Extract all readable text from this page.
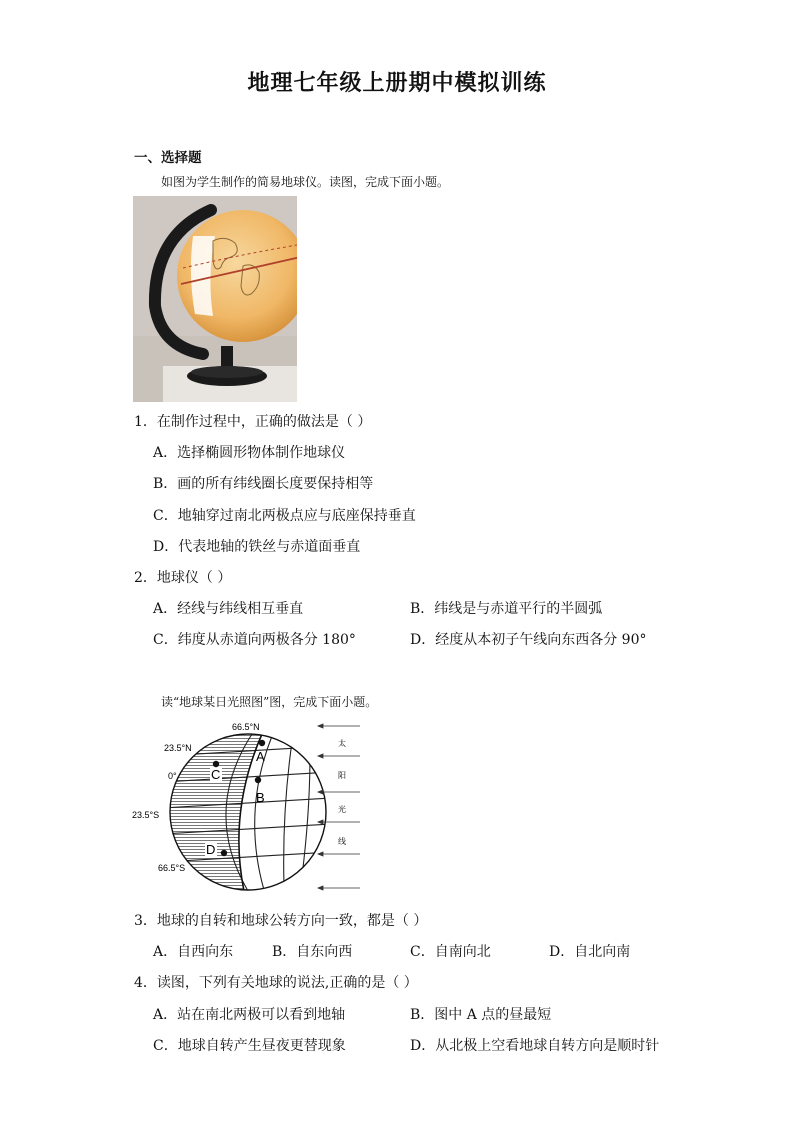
地理七年级上册期中模拟训练
一、选择题
如图为学生制作的简易地球仪。读图，完成下面小题。
1．在制作过程中，正确的做法是（ ）
A．选择椭圆形物体制作地球仪
B．画的所有纬线圈长度要保持相等
C．地轴穿过南北两极点应与底座保持垂直
D．代表地轴的铁丝与赤道面垂直
2．地球仪（ ）
A．经线与纬线相互垂直	B．纬线是与赤道平行的半圆弧
C．纬度从赤道向两极各分 180°	D．经度从本初子午线向东西各分 90°
读“地球某日光照图”图，完成下面小题。
66.5°N
23.5°N
0°
23.5°S
66.5°S
A
B
C
D
太
阳
光
线
3．地球的自转和地球公转方向一致，都是（ ）
A．自西向东	B．自东向西	C．自南向北	D．自北向南
4．读图，下列有关地球的说法,正确的是（ ）
A．站在南北两极可以看到地轴	B．图中 A 点的昼最短
C．地球自转产生昼夜更替现象	D．从北极上空看地球自转方向是顺时针
